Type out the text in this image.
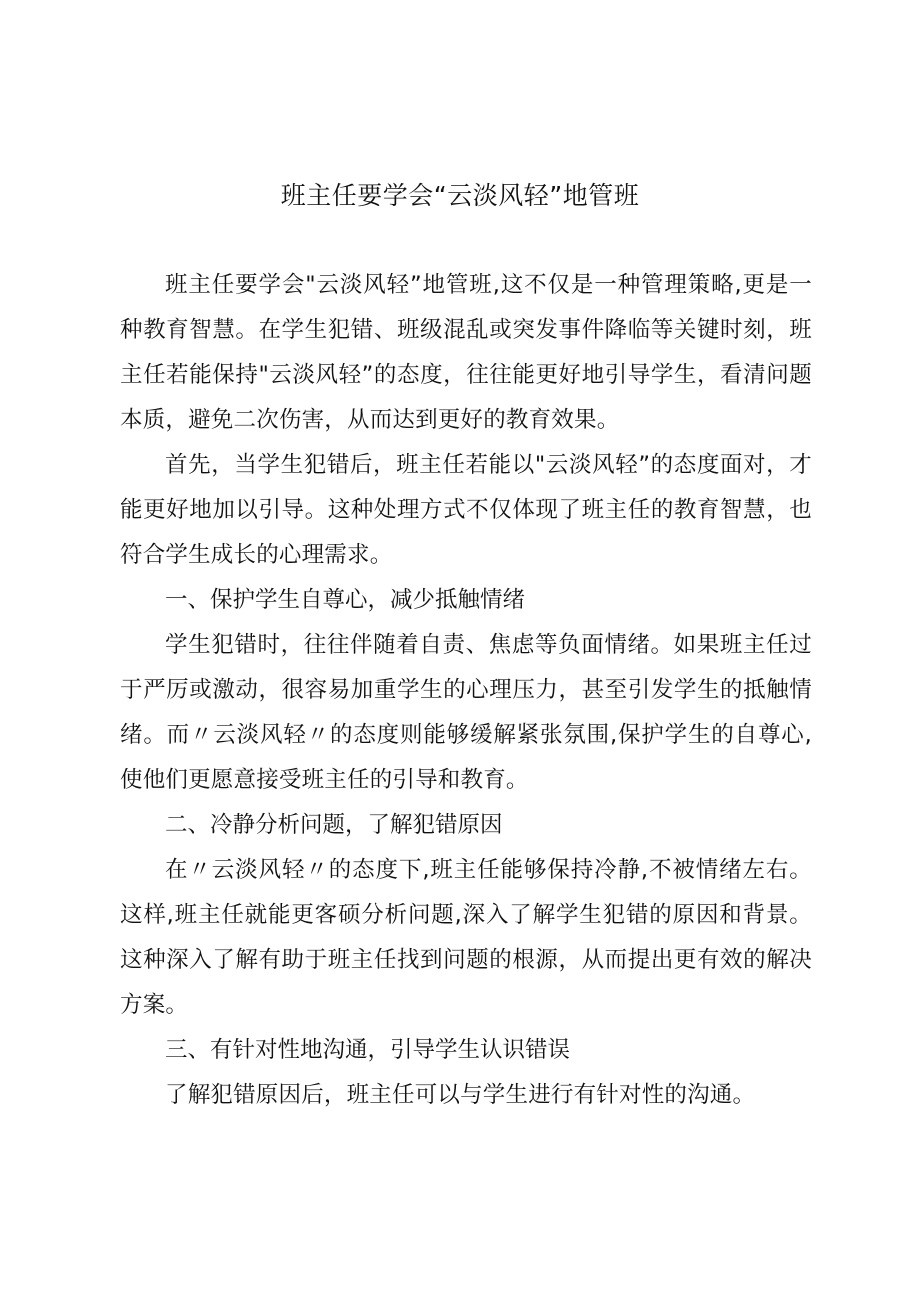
班主任要学会“云淡风轻”地管班

班主任要学会"云淡风轻”地管班,这不仅是一种管理策略,更是一种教育智慧。在学生犯错、班级混乱或突发事件降临等关键时刻，班主任若能保持"云淡风轻”的态度，往往能更好地引导学生，看清问题本质，避免二次伤害，从而达到更好的教育效果。

首先，当学生犯错后，班主任若能以"云淡风轻”的态度面对，才能更好地加以引导。这种处理方式不仅体现了班主任的教育智慧，也符合学生成长的心理需求。

一、保护学生自尊心，减少抵触情绪

学生犯错时，往往伴随着自责、焦虑等负面情绪。如果班主任过于严厉或激动，很容易加重学生的心理压力，甚至引发学生的抵触情绪。而〃云淡风轻〃的态度则能够缓解紧张氛围,保护学生的自尊心,使他们更愿意接受班主任的引导和教育。

二、冷静分析问题，了解犯错原因

在〃云淡风轻〃的态度下,班主任能够保持冷静,不被情绪左右。这样,班主任就能更客硕分析问题,深入了解学生犯错的原因和背景。这种深入了解有助于班主任找到问题的根源，从而提出更有效的解决方案。

三、有针对性地沟通，引导学生认识错误

了解犯错原因后，班主任可以与学生进行有针对性的沟通。
